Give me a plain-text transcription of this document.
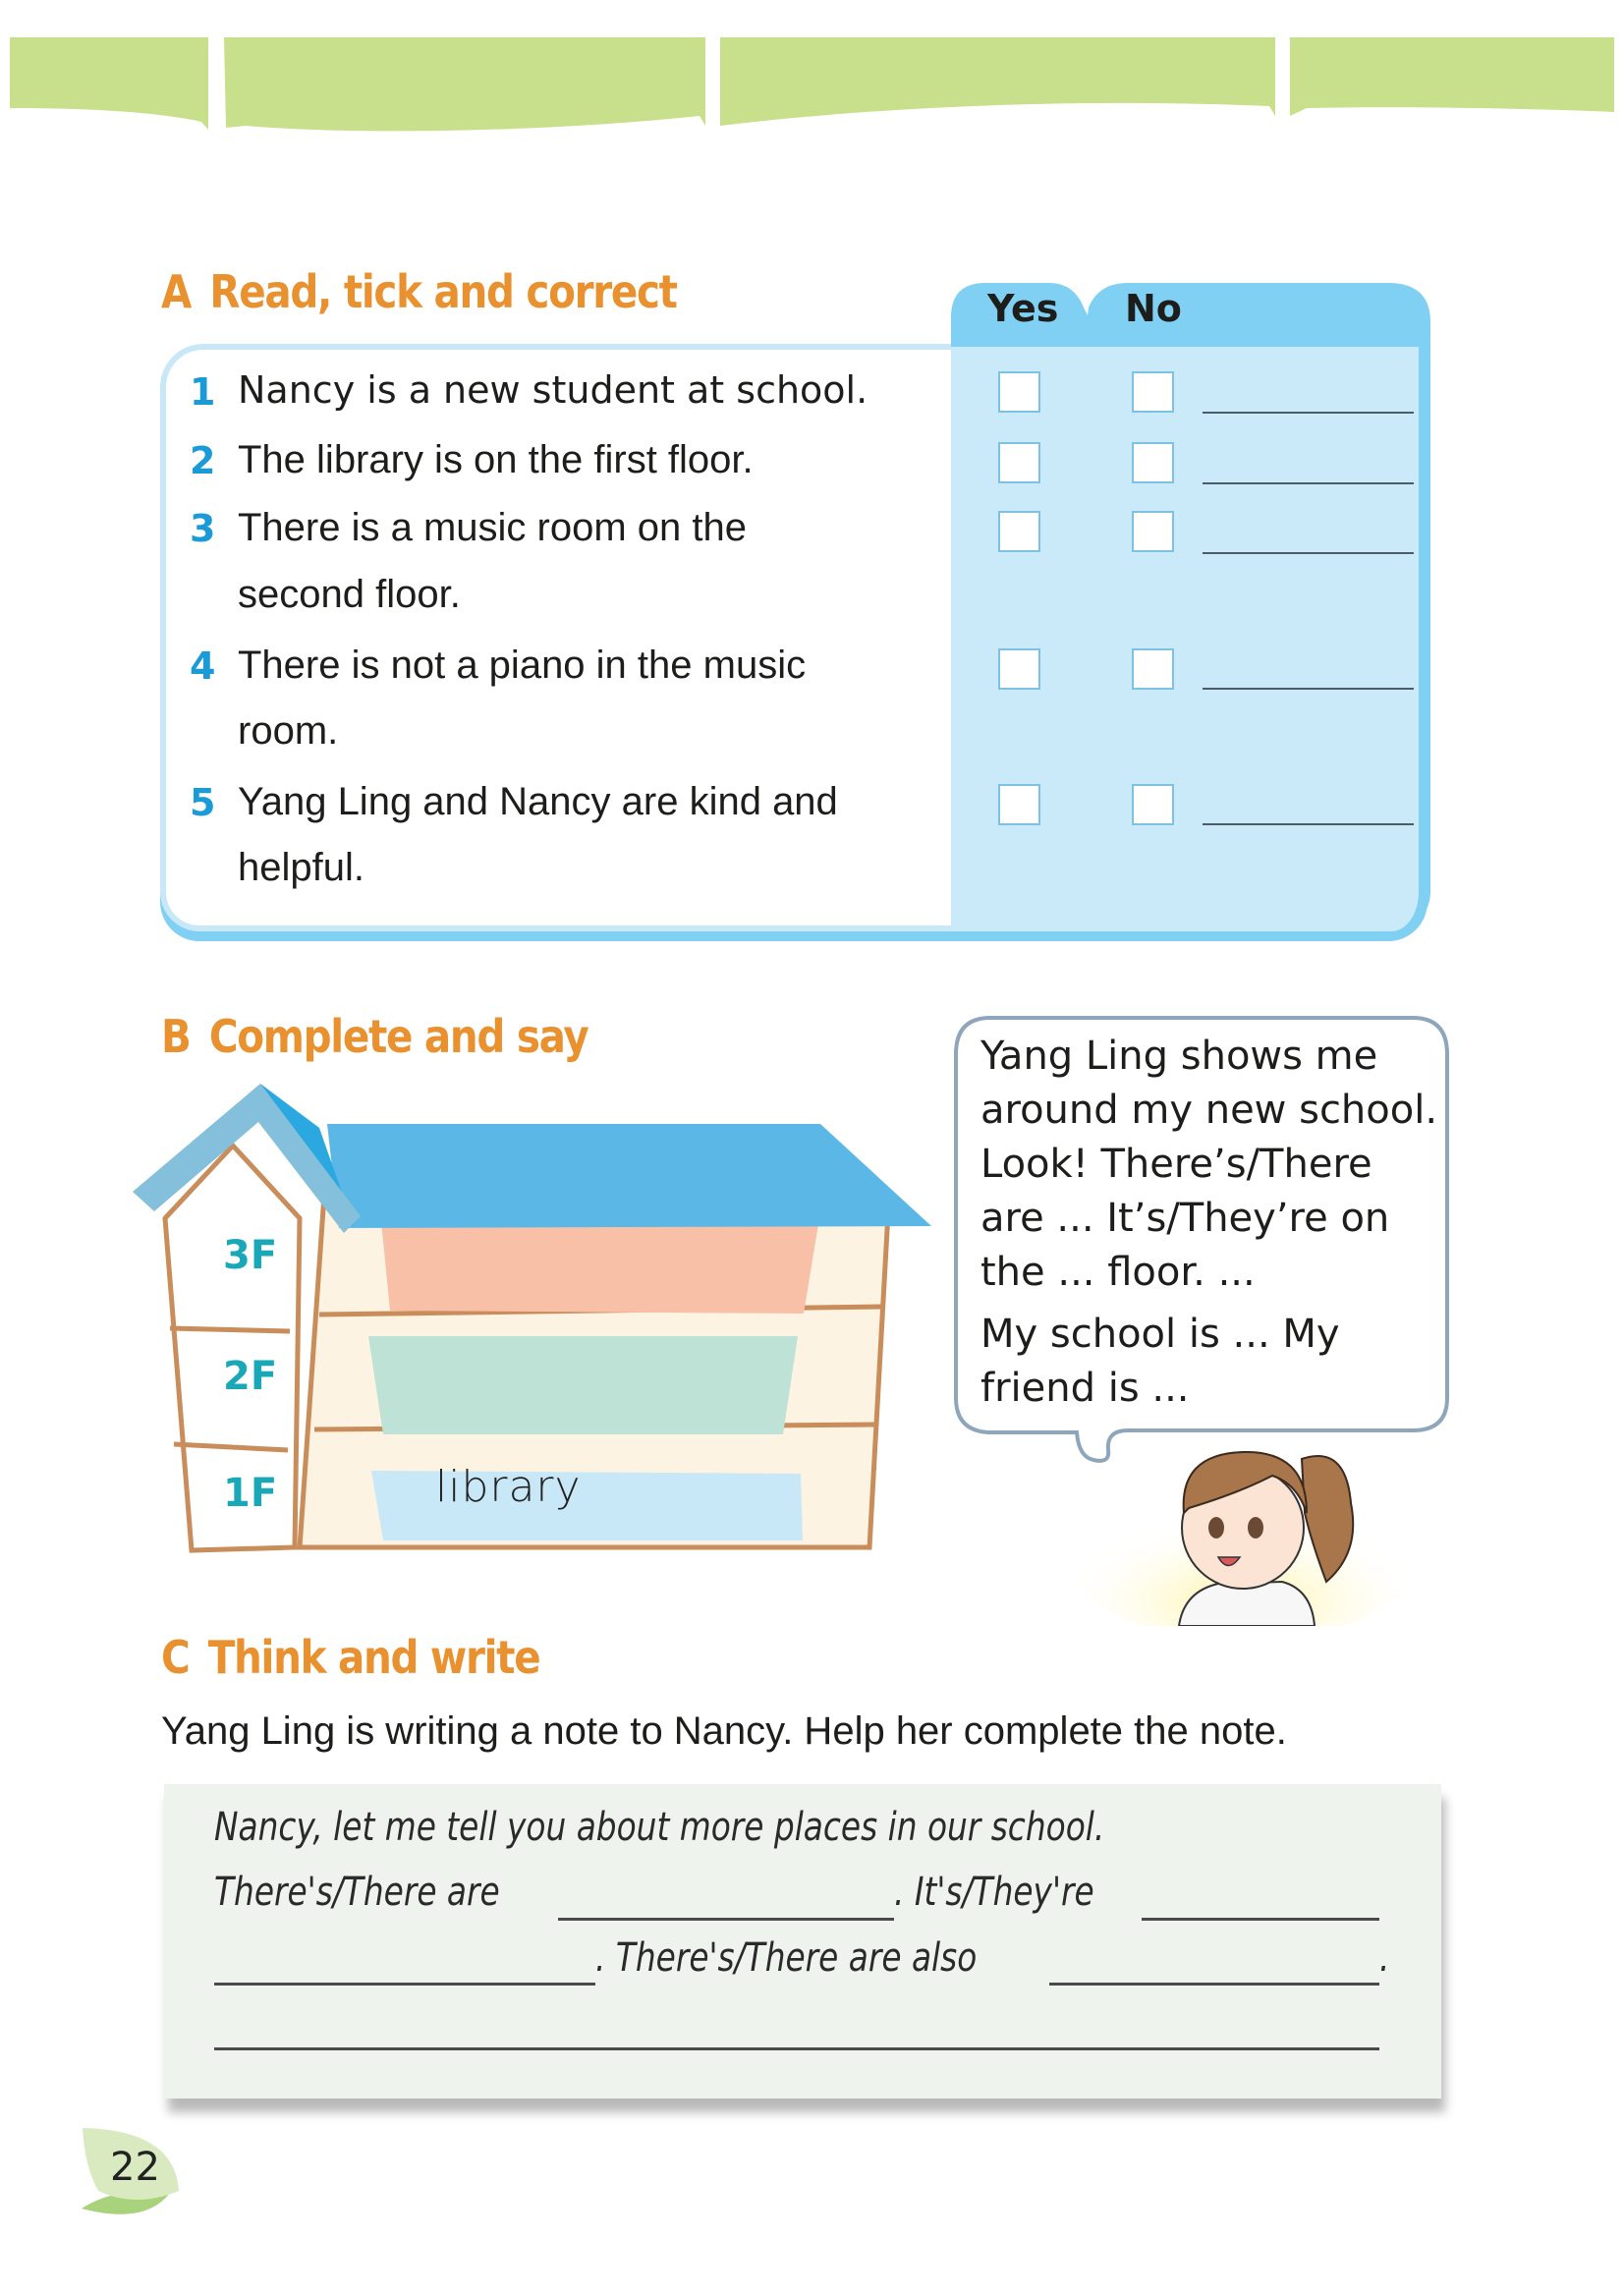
A Read, tick and correct	Yes No
1 Nancy is a new student at school.
2 The library is on the first floor.
3 There is a music room on the
second floor.
4 There is not a piano in the music
room.
5 Yang Ling and Nancy are kind and
helpful.
B Complete and say
3F
2F
1F	library

Yang Ling shows me
around my new school.
Look! There’s/There
are ... It’s/They’re on
the ... floor. ...

My school is ... My
friend is ...

C Think and write
Yang Ling is writing a note to Nancy. Help her complete the note.
Nancy, let me tell you about more places in our school.
There's/There are	. It's/They're
. There's/There are also	.
22
